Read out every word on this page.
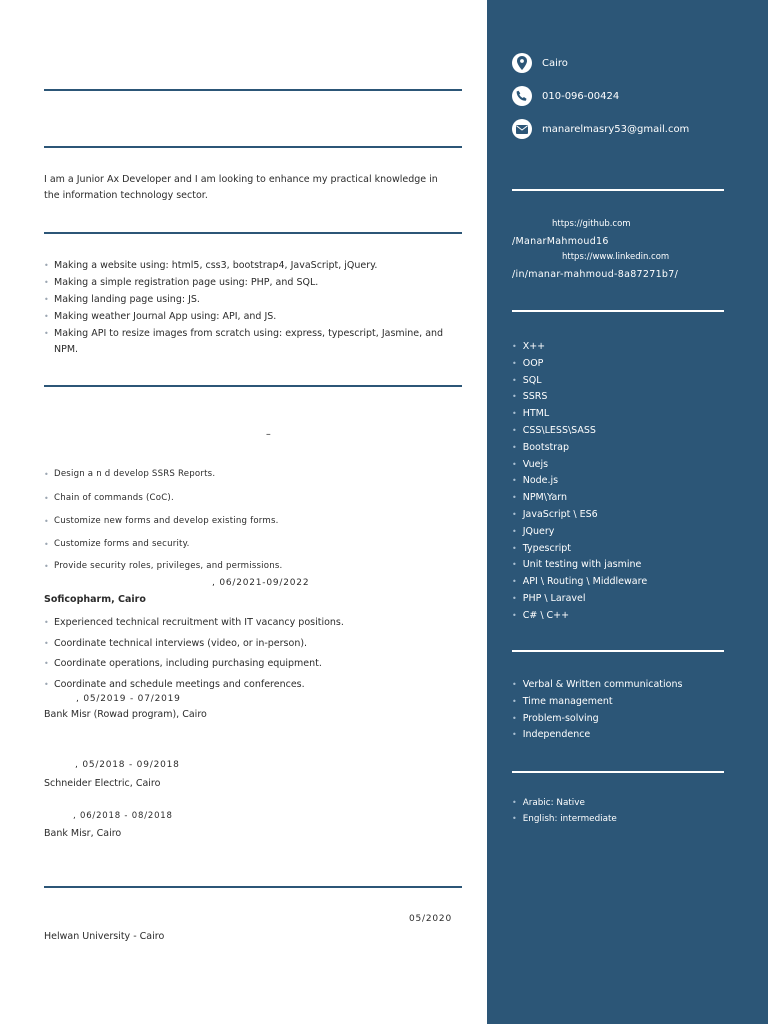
I am a Junior Ax Developer and I am looking to enhance my practical knowledge in
the information technology sector.
• Making a website using: html5, css3, bootstrap4, JavaScript, jQuery.
• Making a simple registration page using: PHP, and SQL.
• Making landing page using: JS.
• Making weather Journal App using: API, and JS.
• Making API to resize images from scratch using: express, typescript, Jasmine, and
NPM.
–
• Design a n d develop SSRS Reports.
• Chain of commands (CoC).
• Customize new forms and develop existing forms.
• Customize forms and security.
• Provide security roles, privileges, and permissions.
, 06/2021-09/2022
Soficopharm, Cairo
• Experienced technical recruitment with IT vacancy positions.
• Coordinate technical interviews (video, or in-person).
• Coordinate operations, including purchasing equipment.
• Coordinate and schedule meetings and conferences.
, 05/2019 - 07/2019
Bank Misr (Rowad program), Cairo
, 05/2018 - 09/2018
Schneider Electric, Cairo
, 06/2018 - 08/2018
Bank Misr, Cairo
05/2020
Helwan University - Cairo
Cairo
010-096-00424
manarelmasry53@gmail.com
https://github.com
/ManarMahmoud16
https://www.linkedin.com
/in/manar-mahmoud-8a87271b7/
• X++
• OOP
• SQL
• SSRS
• HTML
• CSS\LESS\SASS
• Bootstrap
• Vuejs
• Node.js
• NPM\Yarn
• JavaScript \ ES6
• JQuery
• Typescript
• Unit testing with jasmine
• API \ Routing \ Middleware
• PHP \ Laravel
• C# \ C++
• Verbal & Written communications
• Time management
• Problem-solving
• Independence
• Arabic: Native
• English: intermediate
